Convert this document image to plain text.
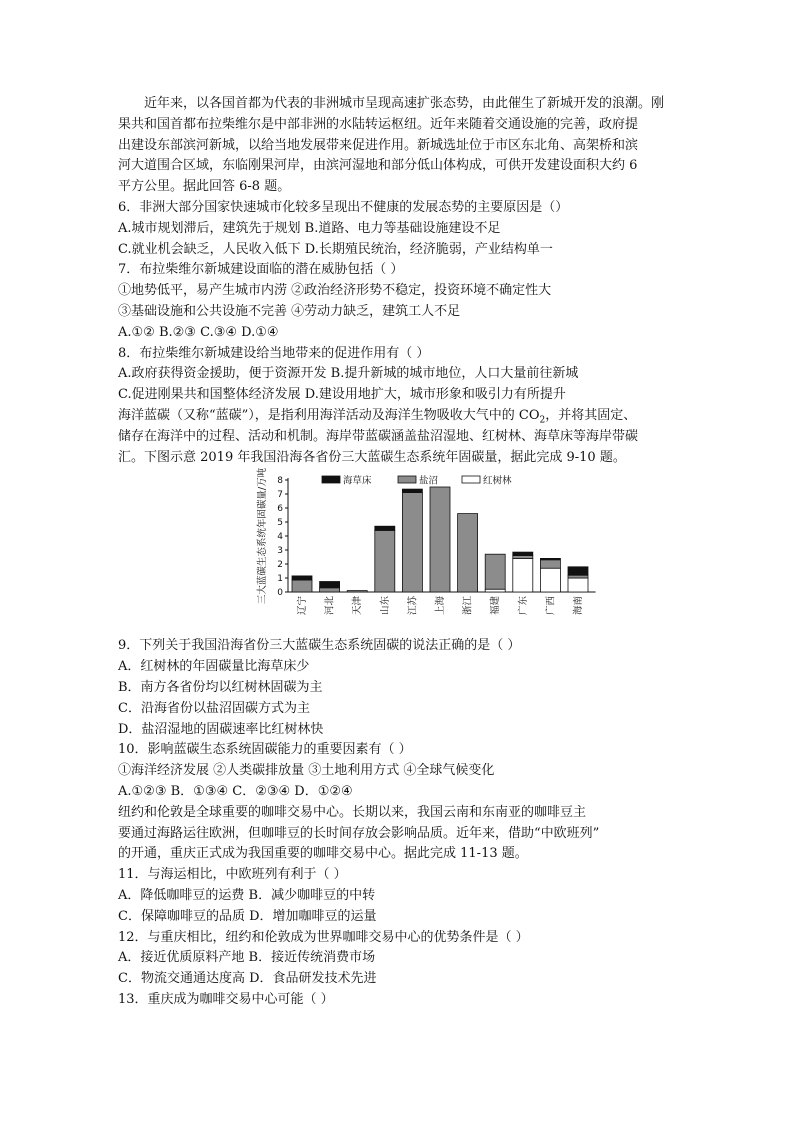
近年来，以各国首都为代表的非洲城市呈现高速扩张态势，由此催生了新城开发的浪潮。刚
果共和国首都布拉柴维尔是中部非洲的水陆转运枢纽。近年来随着交通设施的完善，政府提
出建设东部滨河新城，以给当地发展带来促进作用。新城选址位于市区东北角、高架桥和滨
河大道围合区域，东临刚果河岸，由滨河湿地和部分低山体构成，可供开发建设面积大约 6
平方公里。据此回答 6-8 题。
6．非洲大部分国家快速城市化较多呈现出不健康的发展态势的主要原因是（）
A.城市规划滞后，建筑先于规划 B.道路、电力等基础设施建设不足
C.就业机会缺乏，人民收入低下 D.长期殖民统治，经济脆弱，产业结构单一
7．布拉柴维尔新城建设面临的潜在威胁包括（ ）
①地势低平，易产生城市内涝 ②政治经济形势不稳定，投资环境不确定性大
③基础设施和公共设施不完善 ④劳动力缺乏，建筑工人不足
A.①② B.②③ C.③④ D.①④
8．布拉柴维尔新城建设给当地带来的促进作用有（ ）
A.政府获得资金援助，便于资源开发 B.提升新城的城市地位，人口大量前往新城
C.促进刚果共和国整体经济发展 D.建设用地扩大，城市形象和吸引力有所提升
海洋蓝碳（又称“蓝碳”），是指利用海洋活动及海洋生物吸收大气中的 $CO_2$，并将其固定、
储存在海洋中的过程、活动和机制。海岸带蓝碳涵盖盐沼湿地、红树林、海草床等海岸带碳
汇。下图示意 2019 年我国沿海各省份三大蓝碳生态系统年固碳量，据此完成 9-10 题。
三大蓝碳生态系统年固碳量/万吨 0
1
2
3
4
5
6
7
8
辽宁 河北 天津 山东 江苏 上海 浙江 福建 广东 广西 海南
海草床	盐沼	红树林
9．下列关于我国沿海省份三大蓝碳生态系统固碳的说法正确的是（ ）
A．红树林的年固碳量比海草床少
B．南方各省份均以红树林固碳为主
C．沿海省份以盐沼固碳方式为主
D．盐沼湿地的固碳速率比红树林快
10．影响蓝碳生态系统固碳能力的重要因素有（ ）
①海洋经济发展 ②人类碳排放量 ③土地利用方式 ④全球气候变化
A.①②③ B．①③④ C．②③④ D．①②④
纽约和伦敦是全球重要的咖啡交易中心。长期以来，我国云南和东南亚的咖啡豆主
要通过海路运往欧洲，但咖啡豆的长时间存放会影响品质。近年来，借助“中欧班列”
的开通，重庆正式成为我国重要的咖啡交易中心。据此完成 11-13 题。
11．与海运相比，中欧班列有利于（ ）
A．降低咖啡豆的运费 B．减少咖啡豆的中转
C．保障咖啡豆的品质 D．增加咖啡豆的运量
12．与重庆相比，纽约和伦敦成为世界咖啡交易中心的优势条件是（ ）
A．接近优质原料产地 B．接近传统消费市场
C．物流交通通达度高 D．食品研发技术先进
13．重庆成为咖啡交易中心可能（ ）
